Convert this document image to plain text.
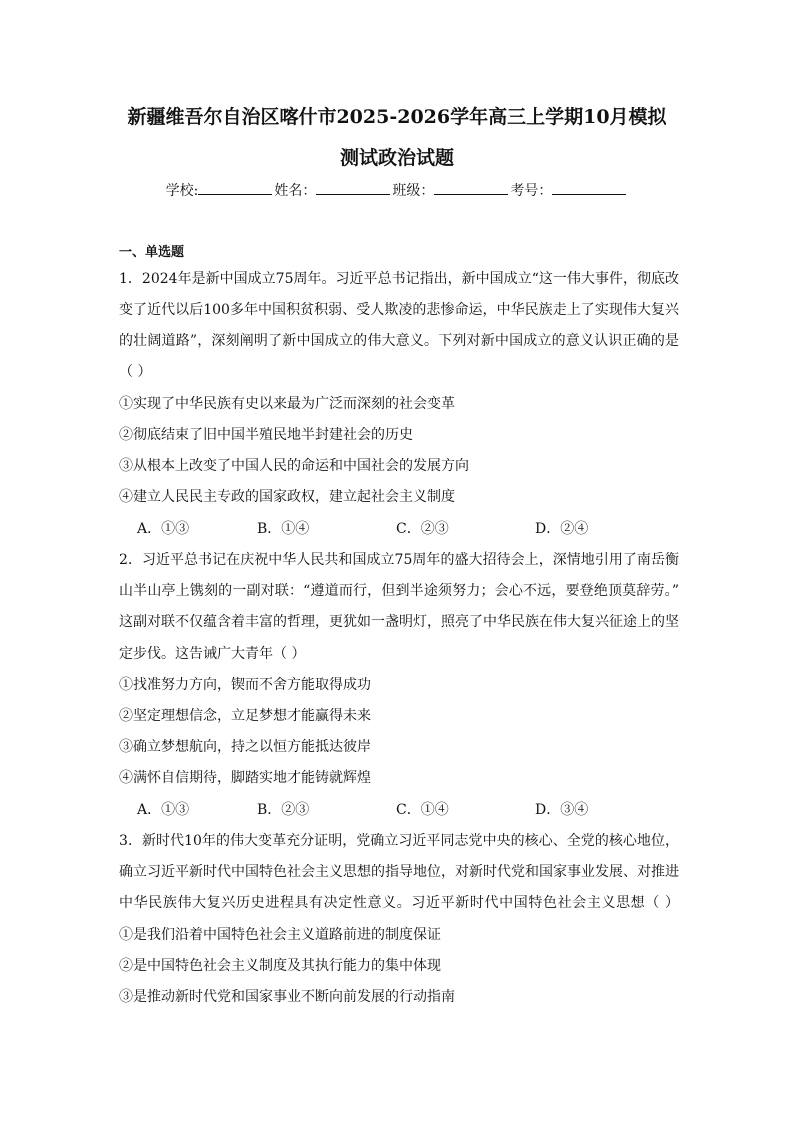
新疆维吾尔自治区喀什市2025-2026学年高三上学期10月模拟
测试政治试题
学校:	姓名：	班级：	考号：
一、单选题
1．2024年是新中国成立75周年。习近平总书记指出，新中国成立“这一伟大事件，彻底改
变了近代以后100多年中国积贫积弱、受人欺凌的悲惨命运，中华民族走上了实现伟大复兴
的壮阔道路”，深刻阐明了新中国成立的伟大意义。下列对新中国成立的意义认识正确的是
（ ）
①实现了中华民族有史以来最为广泛而深刻的社会变革
②彻底结束了旧中国半殖民地半封建社会的历史
③从根本上改变了中国人民的命运和中国社会的发展方向
④建立人民民主专政的国家政权，建立起社会主义制度
A．①③	B．①④	C．②③	D．②④
2．习近平总书记在庆祝中华人民共和国成立75周年的盛大招待会上，深情地引用了南岳衡
山半山亭上镌刻的一副对联：“遵道而行，但到半途须努力；会心不远，要登绝顶莫辞劳。”
这副对联不仅蕴含着丰富的哲理，更犹如一盏明灯，照亮了中华民族在伟大复兴征途上的坚
定步伐。这告诫广大青年（ ）
①找准努力方向，锲而不舍方能取得成功
②坚定理想信念，立足梦想才能赢得未来
③确立梦想航向，持之以恒方能抵达彼岸
④满怀自信期待，脚踏实地才能铸就辉煌
A．①③	B．②③	C．①④	D．③④
3．新时代10年的伟大变革充分证明，党确立习近平同志党中央的核心、全党的核心地位，
确立习近平新时代中国特色社会主义思想的指导地位，对新时代党和国家事业发展、对推进
中华民族伟大复兴历史进程具有决定性意义。习近平新时代中国特色社会主义思想（ ）
①是我们沿着中国特色社会主义道路前进的制度保证
②是中国特色社会主义制度及其执行能力的集中体现
③是推动新时代党和国家事业不断向前发展的行动指南
